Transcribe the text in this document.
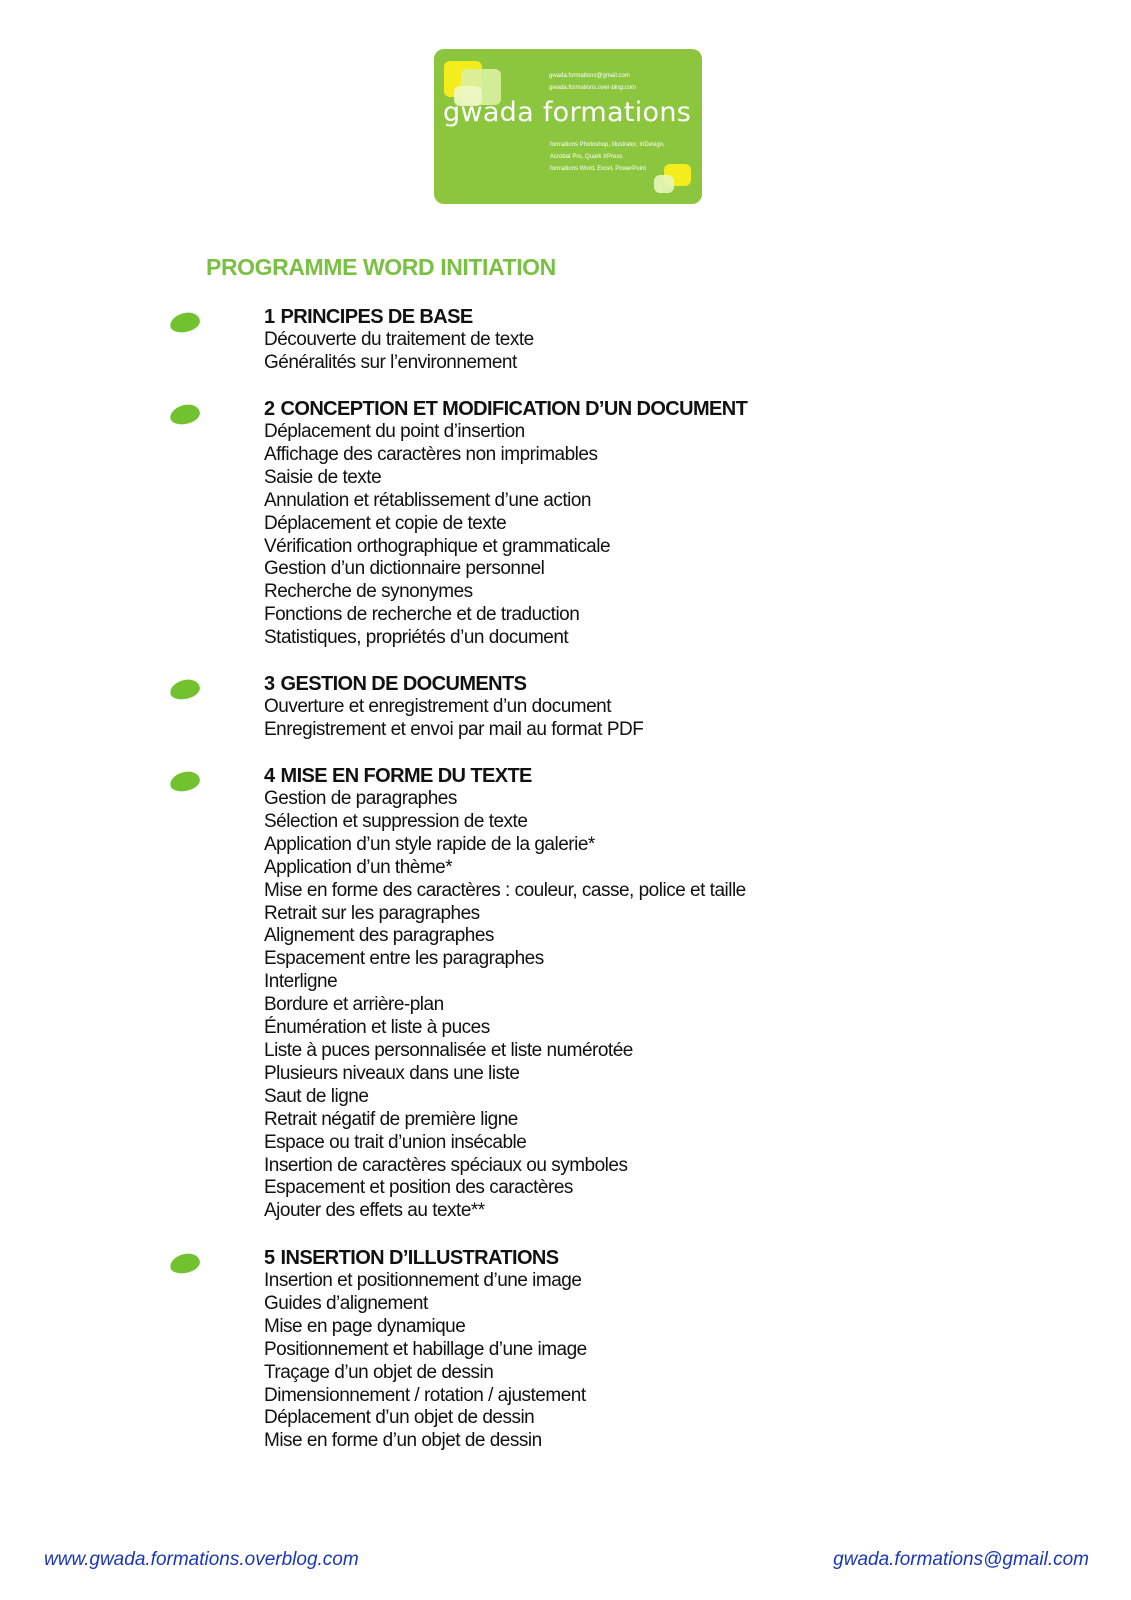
gwada.formations@gmail.com
gwada.formations.over-blog.com
gwada formations
formations Photoshop, Illustrator, InDesign,
Acrobat Pro, Quark XPress
formations Word, Excel, PowerPoint
PROGRAMME WORD INITIATION
1 PRINCIPES DE BASE
Découverte du traitement de texte
Généralités sur l’environnement
2 CONCEPTION ET MODIFICATION D’UN DOCUMENT
Déplacement du point d’insertion
Affichage des caractères non imprimables
Saisie de texte
Annulation et rétablissement d’une action
Déplacement et copie de texte
Vérification orthographique et grammaticale
Gestion d’un dictionnaire personnel
Recherche de synonymes
Fonctions de recherche et de traduction
Statistiques, propriétés d’un document
3 GESTION DE DOCUMENTS
Ouverture et enregistrement d’un document
Enregistrement et envoi par mail au format PDF
4 MISE EN FORME DU TEXTE
Gestion de paragraphes
Sélection et suppression de texte
Application d’un style rapide de la galerie*
Application d’un thème*
Mise en forme des caractères : couleur, casse, police et taille
Retrait sur les paragraphes
Alignement des paragraphes
Espacement entre les paragraphes
Interligne
Bordure et arrière-plan
Énumération et liste à puces
Liste à puces personnalisée et liste numérotée
Plusieurs niveaux dans une liste
Saut de ligne
Retrait négatif de première ligne
Espace ou trait d’union insécable
Insertion de caractères spéciaux ou symboles
Espacement et position des caractères
Ajouter des effets au texte**
5 INSERTION D’ILLUSTRATIONS
Insertion et positionnement d’une image
Guides d’alignement
Mise en page dynamique
Positionnement et habillage d’une image
Traçage d’un objet de dessin
Dimensionnement / rotation / ajustement
Déplacement d’un objet de dessin
Mise en forme d’un objet de dessin
www.gwada.formations.overblog.com	gwada.formations@gmail.com
